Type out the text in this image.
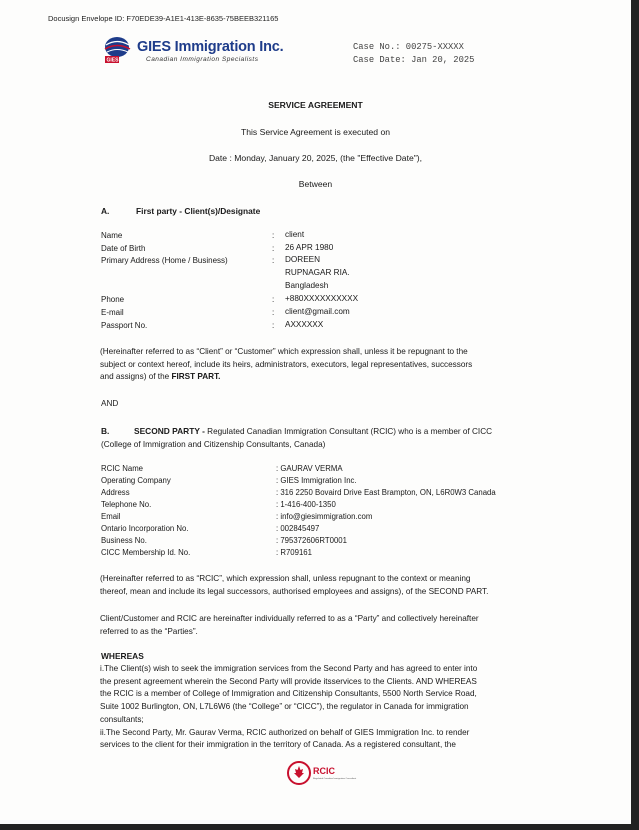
Docusign Envelope ID: F70EDE39-A1E1-413E-8635-75BEEB321165
GIES
GIES Immigration Inc.
Canadian Immigration Specialists
Case No.: 00275-XXXXX
Case Date: Jan 20, 2025
SERVICE AGREEMENT
This Service Agreement is executed on
Date : Monday, January 20, 2025, (the "Effective Date"),
Between
A.	First party - Client(s)/Designate
Name	: client
Date of Birth	: 26 APR 1980
Primary Address (Home / Business)	: DOREEN
RUPNAGAR RIA.
Bangladesh
Phone	: +880XXXXXXXXXX
E-mail	: client@gmail.com
Passport No.	: AXXXXXX
(Hereinafter referred to as “Client” or “Customer” which expression shall, unless it be repugnant to the
subject or context hereof, include its heirs, administrators, executors, legal representatives, successors
and assigns) of the FIRST PART.
AND
B.	SECOND PARTY - Regulated Canadian Immigration Consultant (RCIC) who is a member of CICC
(College of Immigration and Citizenship Consultants, Canada)
RCIC Name	: GAURAV VERMA
Operating Company	: GIES Immigration Inc.
Address	: 316 2250 Bovaird Drive East Brampton, ON, L6R0W3 Canada
Telephone No.	: 1-416-400-1350
Email	: info@giesimmigration.com
Ontario Incorporation No.	: 002845497
Business No.	: 795372606RT0001
CICC Membership Id. No.	: R709161
(Hereinafter referred to as “RCIC”, which expression shall, unless repugnant to the context or meaning
thereof, mean and include its legal successors, authorised employees and assigns), of the SECOND PART.
Client/Customer and RCIC are hereinafter individually referred to as a “Party” and collectively hereinafter
referred to as the “Parties”.
WHEREAS
i.The Client(s) wish to seek the immigration services from the Second Party and has agreed to enter into
the present agreement wherein the Second Party will provide itsservices to the Clients. AND WHEREAS
the RCIC is a member of College of Immigration and Citizenship Consultants, 5500 North Service Road,
Suite 1002 Burlington, ON, L7L6W6 (the “College” or “CICC”), the regulator in Canada for immigration
consultants;
ii.The Second Party, Mr. Gaurav Verma, RCIC authorized on behalf of GIES Immigration Inc. to render
services to the client for their immigration in the territory of Canada. As a registered consultant, the
RCIC
Regulated Canadian Immigration Consultant
